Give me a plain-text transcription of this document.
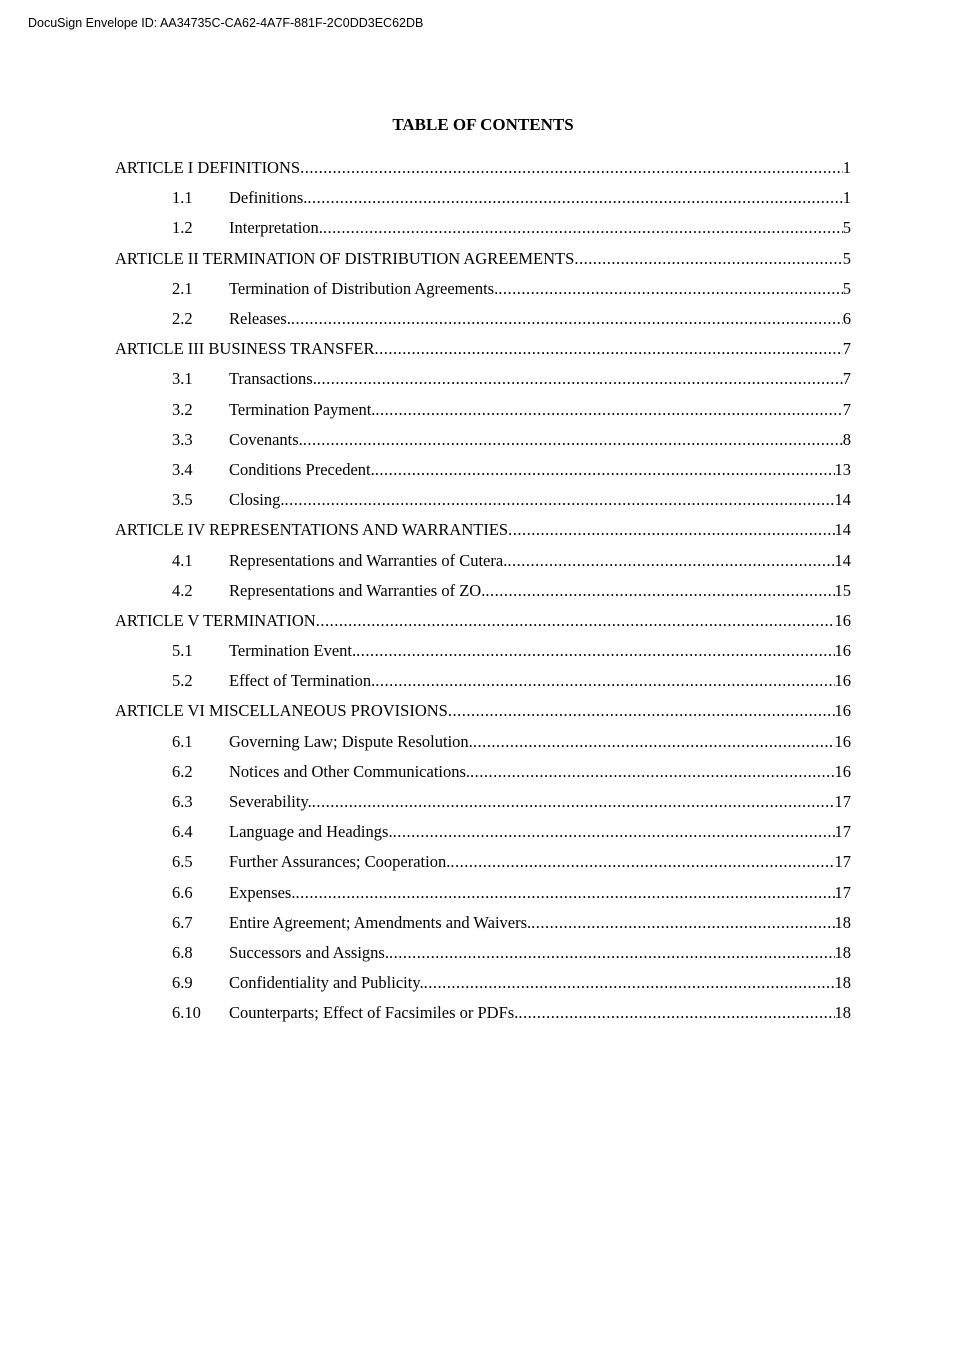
DocuSign Envelope ID: AA34735C-CA62-4A7F-881F-2C0DD3EC62DB
TABLE OF CONTENTS
ARTICLE I DEFINITIONS .....	1
1.1	Definitions. .....	1
1.2	Interpretation. .....	5
ARTICLE II TERMINATION OF DISTRIBUTION AGREEMENTS .....	5
2.1	Termination of Distribution Agreements. .....	5
2.2	Releases. .....	6
ARTICLE III BUSINESS TRANSFER .....	7
3.1	Transactions. .....	7
3.2	Termination Payment. .....	7
3.3	Covenants. .....	8
3.4	Conditions Precedent. .....	13
3.5	Closing. .....	14
ARTICLE IV REPRESENTATIONS AND WARRANTIES .....	14
4.1	Representations and Warranties of Cutera. .....	14
4.2	Representations and Warranties of ZO. .....	15
ARTICLE V TERMINATION .....	16
5.1	Termination Event. .....	16
5.2	Effect of Termination. .....	16
ARTICLE VI MISCELLANEOUS PROVISIONS .....	16
6.1	Governing Law; Dispute Resolution. .....	16
6.2	Notices and Other Communications. .....	16
6.3	Severability. .....	17
6.4	Language and Headings. .....	17
6.5	Further Assurances; Cooperation. .....	17
6.6	Expenses. .....	17
6.7	Entire Agreement; Amendments and Waivers. .....	18
6.8	Successors and Assigns. .....	18
6.9	Confidentiality and Publicity. .....	18
6.10	Counterparts; Effect of Facsimiles or PDFs. .....	18
